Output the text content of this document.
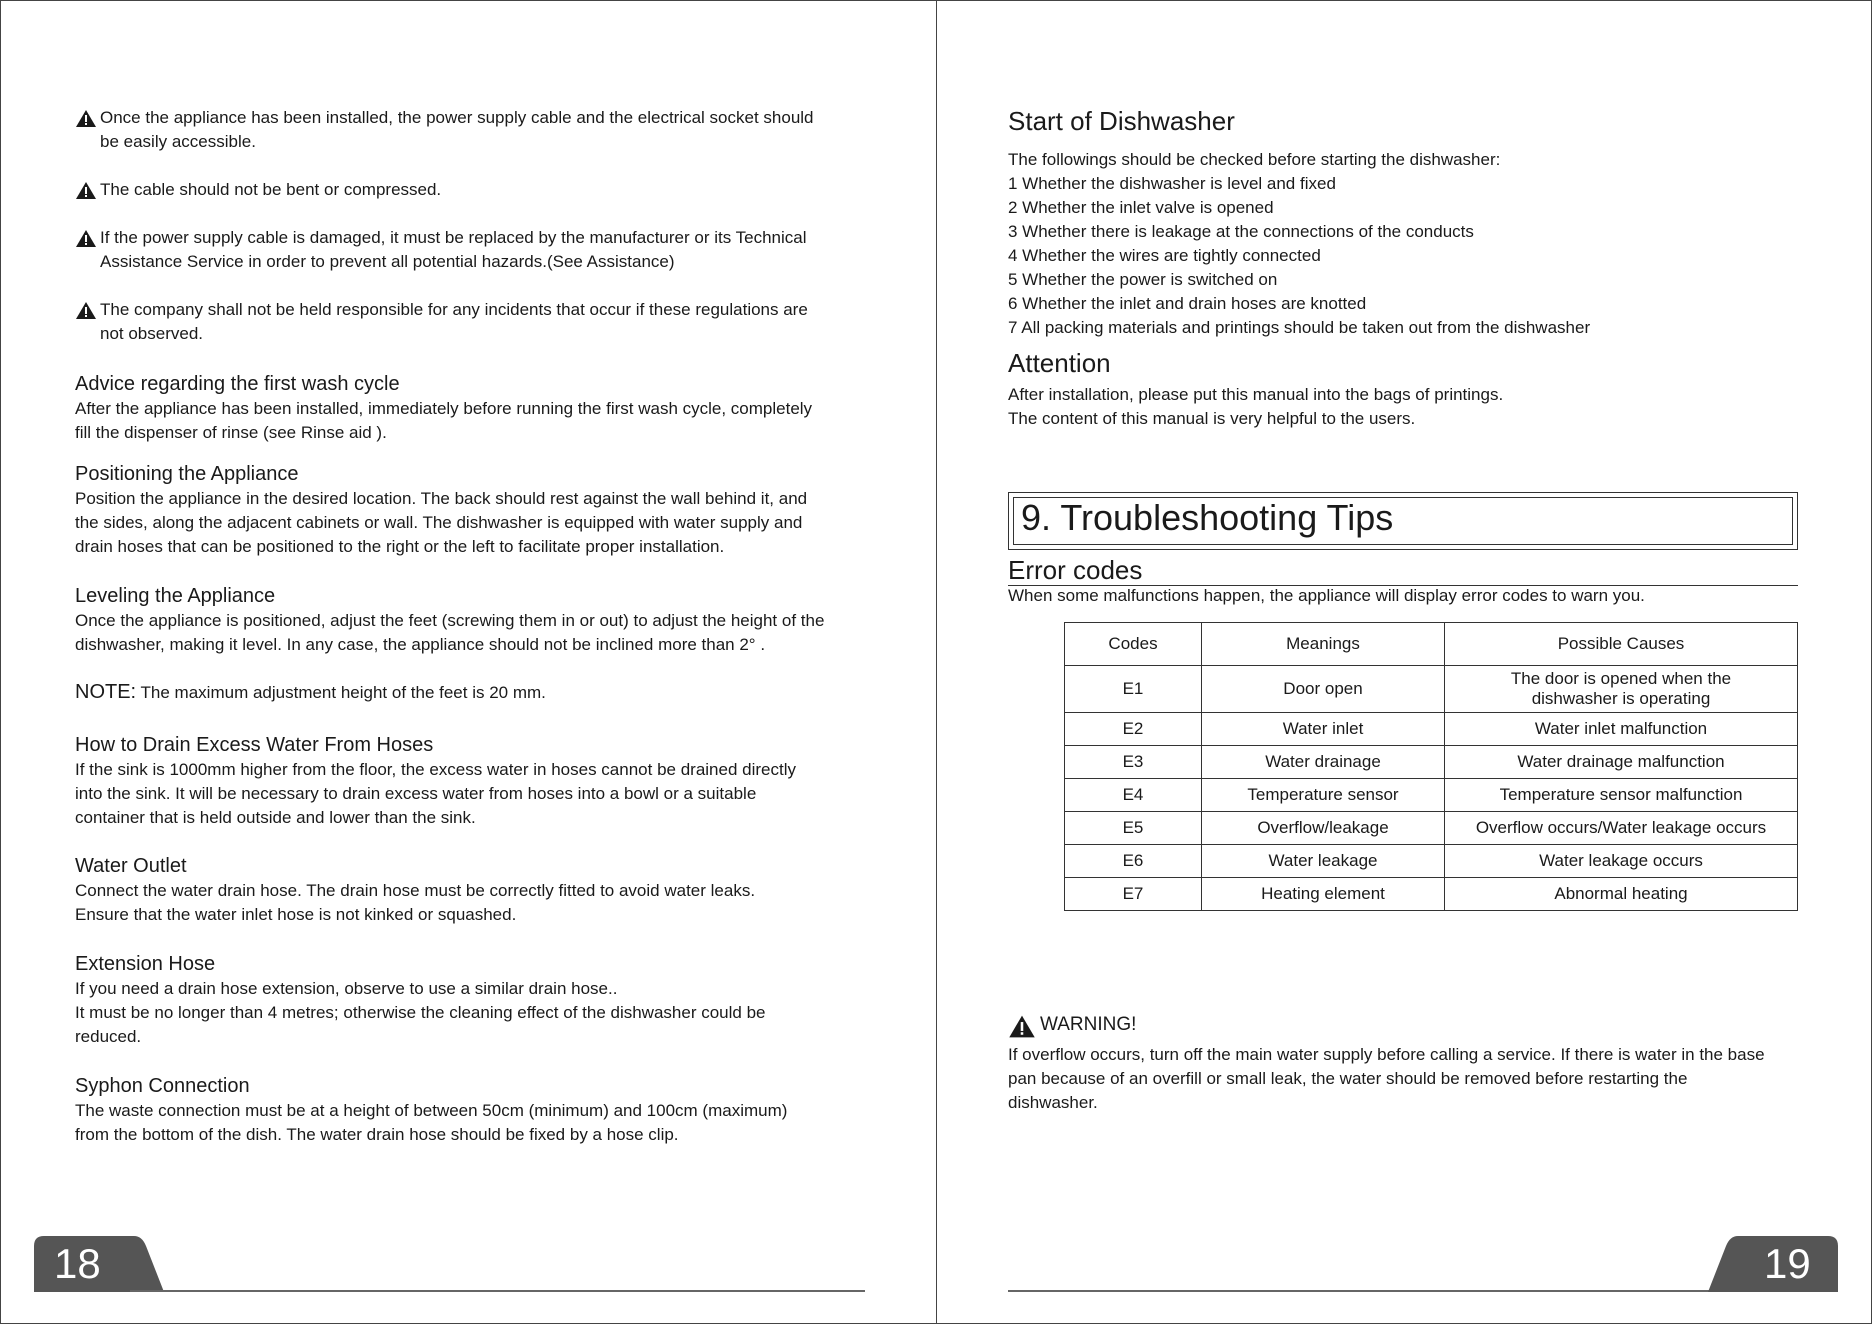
Once the appliance has been installed, the power supply cable and the electrical socket should
be easily accessible.
The cable should not be bent or compressed.
If the power supply cable is damaged, it must be replaced by the manufacturer or its Technical
Assistance Service in order to prevent all potential hazards.(See Assistance)
The company shall not be held responsible for any incidents that occur if these regulations are
not observed.
Advice regarding the first wash cycle

After the appliance has been installed, immediately before running the first wash cycle, completely
fill the dispenser of rinse (see Rinse aid ).

Positioning the Appliance

Position the appliance in the desired location. The back should rest against the wall behind it, and
the sides, along the adjacent cabinets or wall. The dishwasher is equipped with water supply and
drain hoses that can be positioned to the right or the left to facilitate proper installation.

Leveling the Appliance

Once the appliance is positioned, adjust the feet (screwing them in or out) to adjust the height of the
dishwasher, making it level. In any case, the appliance should not be inclined more than 2° .

NOTE: The maximum adjustment height of the feet is 20 mm.
How to Drain Excess Water From Hoses

If the sink is 1000mm higher from the floor, the excess water in hoses cannot be drained directly
into the sink. It will be necessary to drain excess water from hoses into a bowl or a suitable
container that is held outside and lower than the sink.

Water Outlet

Connect the water drain hose. The drain hose must be correctly fitted to avoid water leaks.
Ensure that the water inlet hose is not kinked or squashed.

Extension Hose

If you need a drain hose extension, observe to use a similar drain hose..
It must be no longer than 4 metres; otherwise the cleaning effect of the dishwasher could be
reduced.

Syphon Connection

The waste connection must be at a height of between 50cm (minimum) and 100cm (maximum)
from the bottom of the dish. The water drain hose should be fixed by a hose clip.

18
Start of Dishwasher

The followings should be checked before starting the dishwasher:
1 Whether the dishwasher is level and fixed
2 Whether the inlet valve is opened
3 Whether there is leakage at the connections of the conducts
4 Whether the wires are tightly connected
5 Whether the power is switched on
6 Whether the inlet and drain hoses are knotted
7 All packing materials and printings should be taken out from the dishwasher

Attention

After installation, please put this manual into the bags of printings.
The content of this manual is very helpful to the users.

9. Troubleshooting Tips
Error codes
When some malfunctions happen, the appliance will display error codes to warn you.
Codes	Meanings	Possible Causes
E1	Door open	The door is opened when the
dishwasher is operating
E2	Water inlet	Water inlet malfunction
E3	Water drainage	Water drainage malfunction
E4	Temperature sensor	Temperature sensor malfunction
E5	Overflow/leakage	Overflow occurs/Water leakage occurs
E6	Water leakage	Water leakage occurs
E7	Heating element	Abnormal heating
WARNING!

If overflow occurs, turn off the main water supply before calling a service. If there is water in the base
pan because of an overfill or small leak, the water should be removed before restarting the
dishwasher.

19
